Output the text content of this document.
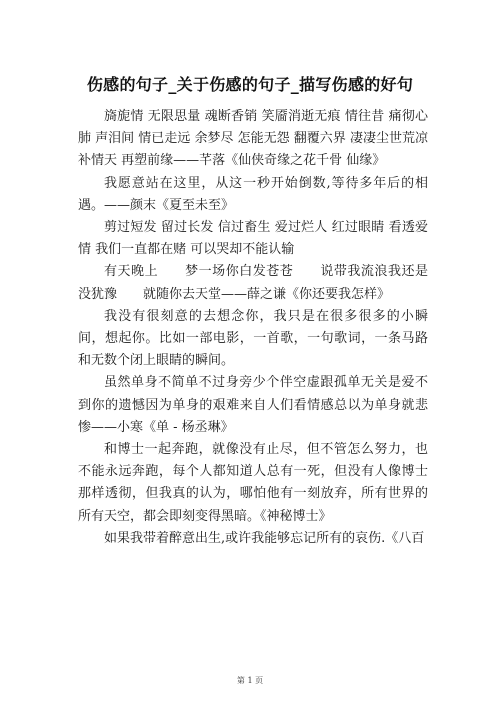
伤感的句子_关于伤感的句子_描写伤感的好句

旖旎情 无限思量 魂断香销 笑靥消逝无痕 情往昔 痛彻心肺 声泪间 情已走远 余梦尽 怎能无怨 翻覆六界 凄凄尘世荒凉 补情天 再塑前缘——芊落《仙侠奇缘之花千骨 仙缘》

我愿意站在这里，从这一秒开始倒数,等待多年后的相遇。——颜末《夏至未至》

剪过短发 留过长发 信过畜生 爱过烂人 红过眼睛 看透爱情 我们一直都在赌 可以哭却不能认输

有天晚上　　梦一场你白发苍苍　　说带我流浪我还是没犹豫　　就随你去天堂——薛之谦《你还要我怎样》

我没有很刻意的去想念你，我只是在很多很多的小瞬间，想起你。比如一部电影，一首歌，一句歌词，一条马路和无数个闭上眼睛的瞬间。

虽然单身不简单不过身旁少个伴空虚跟孤单无关是爱不到你的遗憾因为单身的艰难来自人们看情感总以为单身就悲惨——小寒《单 - 杨丞琳》

和博士一起奔跑，就像没有止尽，但不管怎么努力，也不能永远奔跑，每个人都知道人总有一死，但没有人像博士那样透彻，但我真的认为，哪怕他有一刻放弃，所有世界的所有天空，都会即刻变得黑暗。《神秘博士》

如果我带着醉意出生,或许我能够忘记所有的哀伤.《八百

第 1 页
